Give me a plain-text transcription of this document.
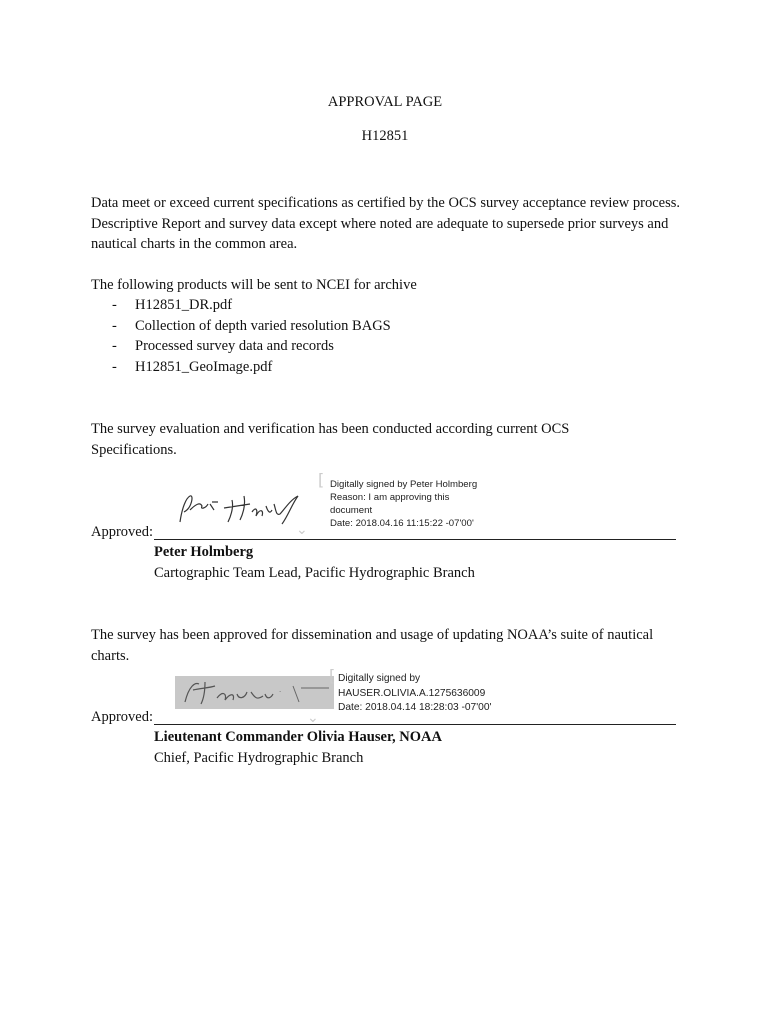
APPROVAL PAGE
H12851
Data meet or exceed current specifications as certified by the OCS survey acceptance review process. Descriptive Report and survey data except where noted are adequate to supersede prior surveys and nautical charts in the common area.
The following products will be sent to NCEI for archive
- H12851_DR.pdf
- Collection of depth varied resolution BAGS
- Processed survey data and records
- H12851_GeoImage.pdf
The survey evaluation and verification has been conducted according current OCS Specifications.
[
⌄
Digitally signed by Peter Holmberg
Reason: I am approving this
document
Date: 2018.04.16 11:15:22 -07'00'
Approved:
Peter Holmberg
Cartographic Team Lead, Pacific Hydrographic Branch
The survey has been approved for dissemination and usage of updating NOAA’s suite of nautical charts.
.
[
⌄
Digitally signed by
HAUSER.OLIVIA.A.1275636009
Date: 2018.04.14 18:28:03 -07'00'
Approved:
Lieutenant Commander Olivia Hauser, NOAA
Chief, Pacific Hydrographic Branch
